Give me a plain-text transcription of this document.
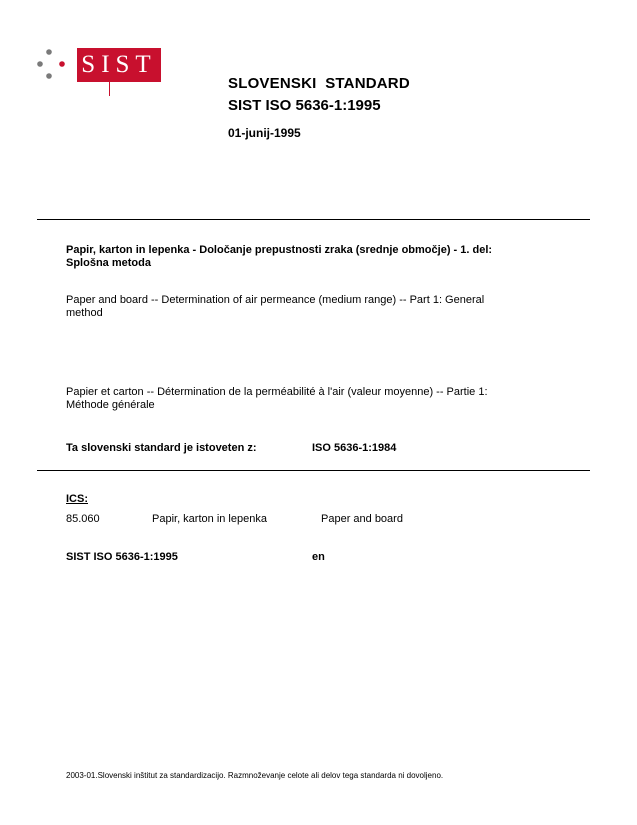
SIST
SLOVENSKI  STANDARD
SIST ISO 5636-1:1995
01-junij-1995
Papir, karton in lepenka - Določanje prepustnosti zraka (srednje območje) - 1. del:
Splošna metoda
Paper and board -- Determination of air permeance (medium range) -- Part 1: General
method
Papier et carton -- Détermination de la perméabilité à l'air (valeur moyenne) -- Partie 1:
Méthode générale
Ta slovenski standard je istoveten z:	ISO 5636-1:1984
ICS:
85.060	Papir, karton in lepenka	Paper and board
SIST ISO 5636-1:1995	en
2003-01.Slovenski inštitut za standardizacijo. Razmnoževanje celote ali delov tega standarda ni dovoljeno.
